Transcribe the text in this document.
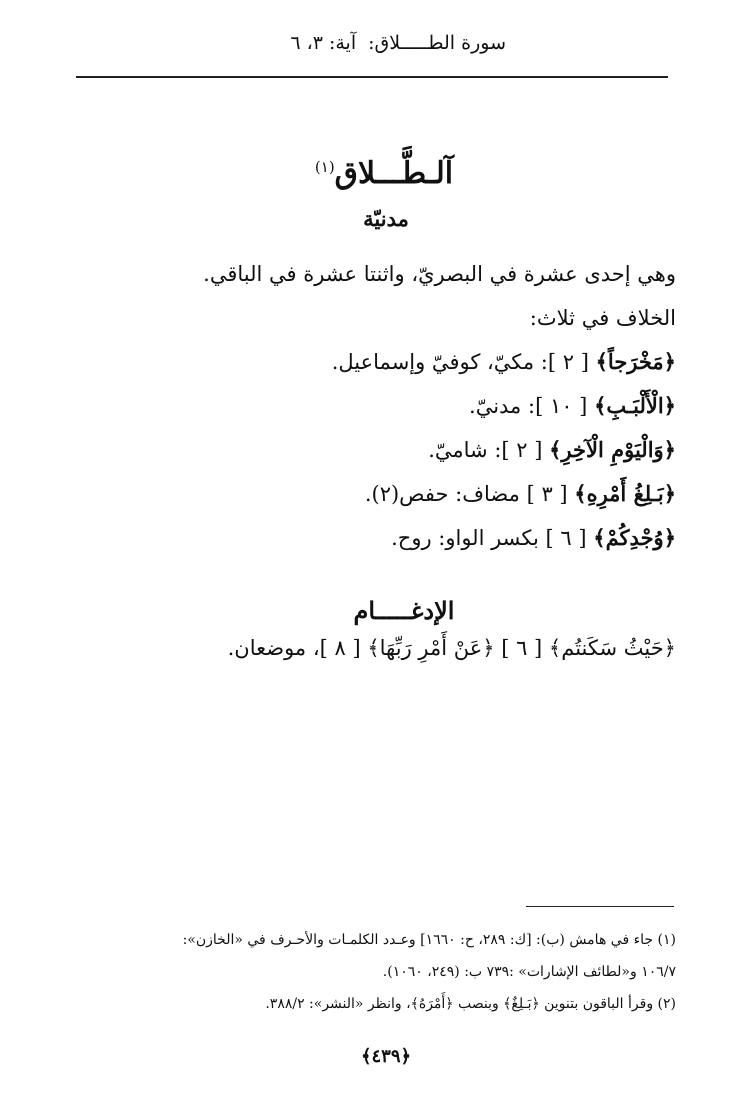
سورة الطـــــلاق:آية: ٣، ٦
آلـطَّـــلاق$^{(١)}$
مدنيّة
وهي إحدى عشرة في البصريّ، واثنتا عشرة في الباقي.
الخلاف في ثلاث:
﴿مَخْرَجاً﴾ [ ٢ ]: مكيّ، كوفيّ وإسماعيل.
﴿الْأَلْبَـبِ﴾ [ ١٠ ]: مدنيّ.
﴿وَالْيَوْمِ الْآخِرِ﴾ [ ٢ ]: شاميّ.
﴿بَـلِغُ أَمْرِهِ﴾ [ ٣ ] مضاف: حفص(٢).
﴿وُجْدِكُمْ﴾ [ ٦ ] بكسر الواو: روح.
الإدغـــــام
﴿حَيْثُ سَكَنتُم﴾ [ ٦ ] ﴿عَنْ أَمْرِ رَبِّهَا﴾ [ ٨ ]، موضعان.
(١) جاء في هامش (ب): [ك: ٢٨٩، ح: ١٦٦٠] وعـدد الكلمـات والأحـرف في «الخازن»:
١٠٦/٧ و«لطائف الإشارات» :٧٣٩ ب: (٢٤٩، ١٠٦٠).
(٢) وقرأ الباقون بتنوين ﴿بَـلِغٌ﴾ وبنصب ﴿أَمْرَهُ﴾، وانظر «النشر»: ٣٨٨/٢.
﴿٤٣٩﴾
